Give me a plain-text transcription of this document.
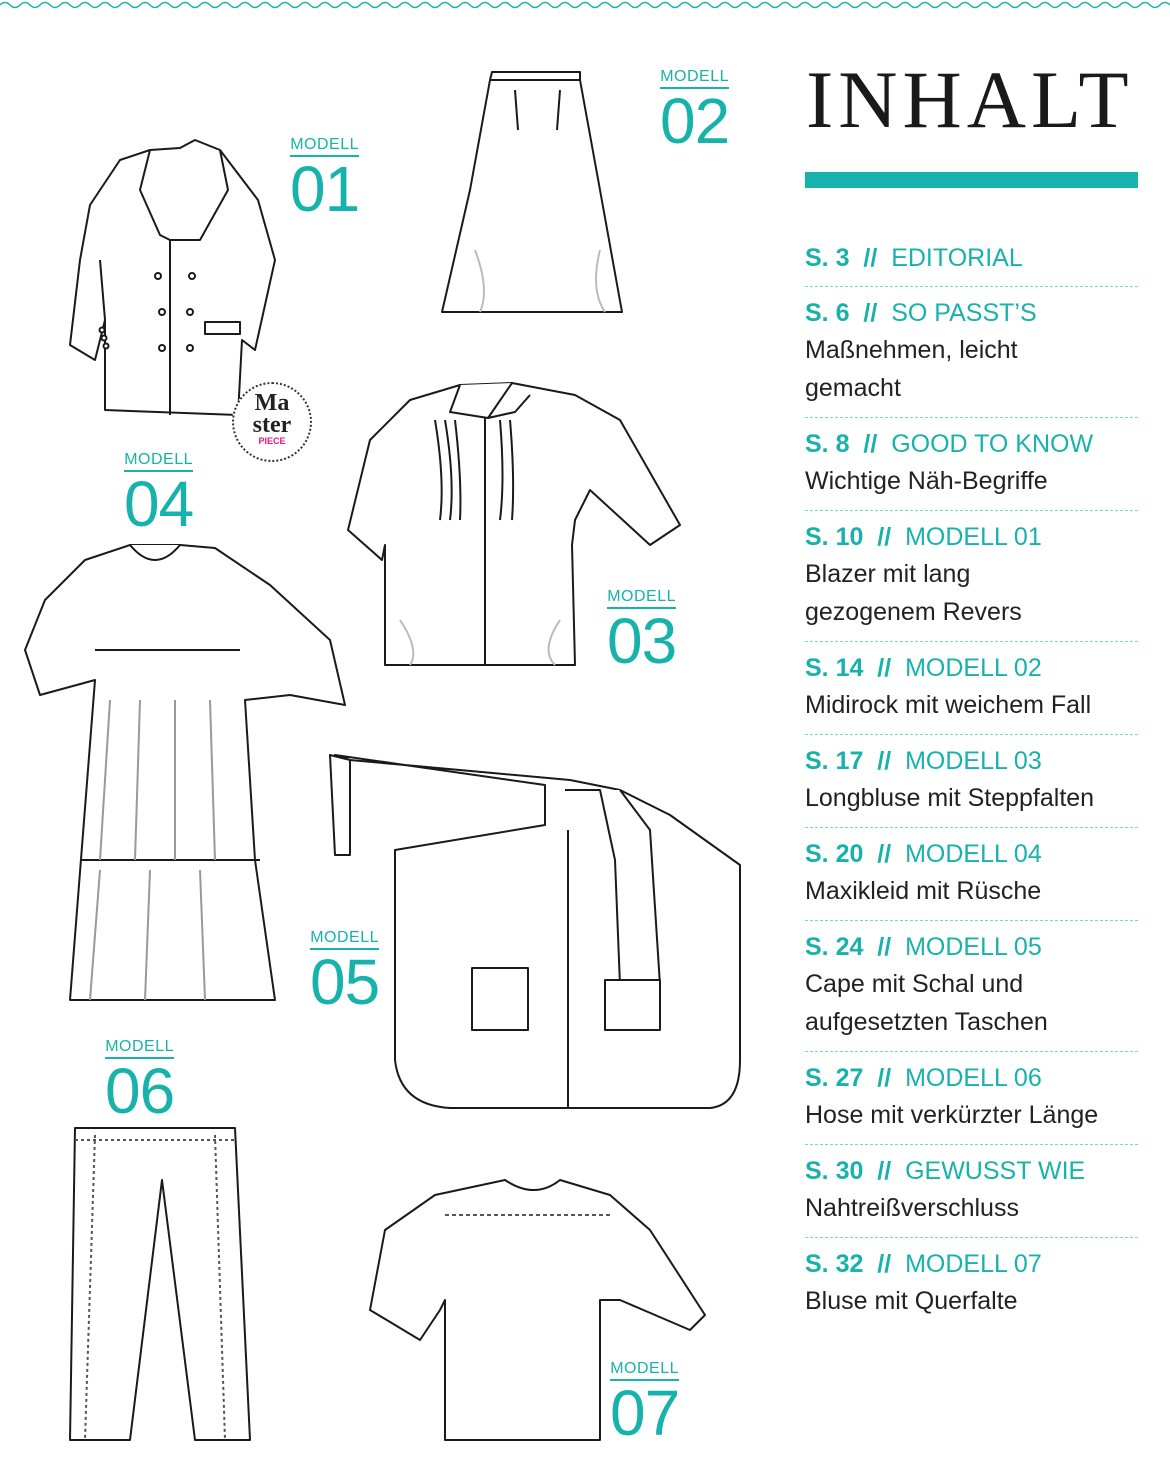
Ma
ster
PIECE
MODELL
01
MODELL
02
MODELL
03
MODELL
04
MODELL
05
MODELL
06
MODELL
07
INHALT
S. 3 // EDITORIAL
S. 6 // SO PASST’S
Maßnehmen, leicht
gemacht
S. 8 // GOOD TO KNOW
Wichtige Näh-Begriffe
S. 10 // MODELL 01
Blazer mit lang
gezogenem Revers
S. 14 // MODELL 02
Midirock mit weichem Fall
S. 17 // MODELL 03
Longbluse mit Steppfalten
S. 20 // MODELL 04
Maxikleid mit Rüsche
S. 24 // MODELL 05
Cape mit Schal und
aufgesetzten Taschen
S. 27 // MODELL 06
Hose mit verkürzter Länge
S. 30 // GEWUSST WIE
Nahtreißverschluss
S. 32 // MODELL 07
Bluse mit Querfalte
